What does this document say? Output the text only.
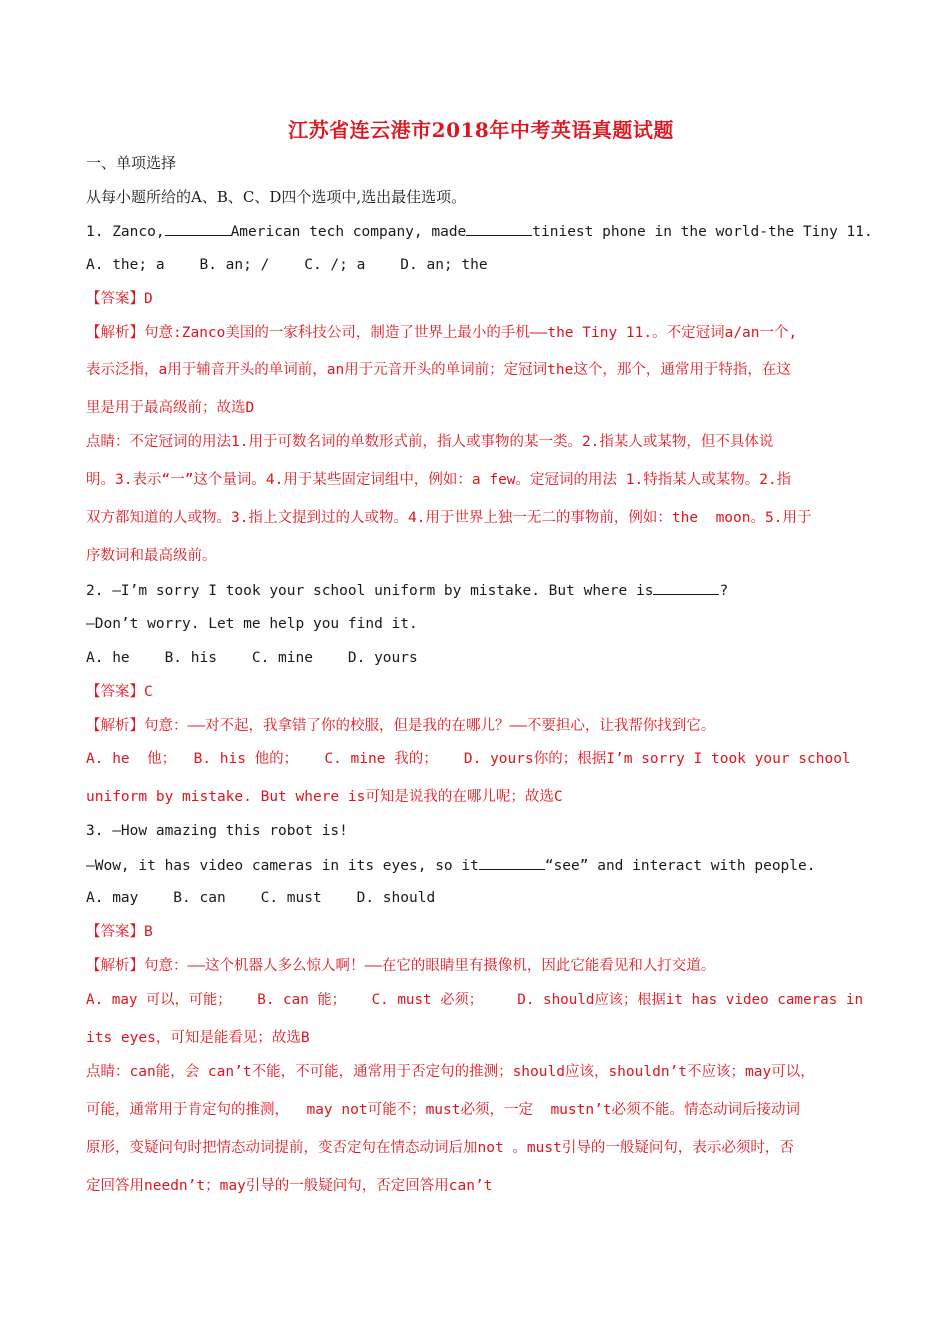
江苏省连云港市2018年中考英语真题试题
一、单项选择
从每小题所给的A、B、C、D四个选项中,选出最佳选项。
1. Zanco,	American tech company, made	tiniest phone in the world-the Tiny 11.
A. the; a    B. an; /    C. /; a    D. an; the
【答案】D
【解析】句意:Zanco美国的一家科技公司，制造了世界上最小的手机——the Tiny 11.。不定冠词a/an一个,
表示泛指，a用于辅音开头的单词前，an用于元音开头的单词前；定冠词the这个，那个，通常用于特指，在这
里是用于最高级前；故选D
点睛：不定冠词的用法1.用于可数名词的单数形式前，指人或事物的某一类。2.指某人或某物，但不具体说
明。3.表示“一”这个量词。4.用于某些固定词组中，例如：a few。定冠词的用法 1.特指某人或某物。2.指
双方都知道的人或物。3.指上文提到过的人或物。4.用于世界上独一无二的事物前，例如：the  moon。5.用于
序数词和最高级前。
2. —I’m sorry I took your school uniform by mistake. But where is	?
—Don’t worry. Let me help you find it.
A. he    B. his    C. mine    D. yours
【答案】C
【解析】句意：——对不起，我拿错了你的校服，但是我的在哪儿？——不要担心，让我帮你找到它。
A. he  他；  B. his 他的；   C. mine 我的；   D. yours你的；根据I’m sorry I took your school
uniform by mistake. But where is可知是说我的在哪儿呢；故选C
3. —How amazing this robot is!
—Wow, it has video cameras in its eyes, so it	“see” and interact with people.
A. may    B. can    C. must    D. should
【答案】B
【解析】句意：——这个机器人多么惊人啊！——在它的眼睛里有摄像机，因此它能看见和人打交道。
A. may 可以，可能；   B. can 能；   C. must 必须；    D. should应该；根据it has video cameras in
its eyes，可知是能看见；故选B
点睛：can能，会 can’t不能，不可能，通常用于否定句的推测；should应该，shouldn’t不应该；may可以，
可能，通常用于肯定句的推测，  may not可能不；must必须，一定  mustn’t必须不能。情态动词后接动词
原形，变疑问句时把情态动词提前，变否定句在情态动词后加not 。must引导的一般疑问句，表示必须时，否
定回答用needn’t；may引导的一般疑问句，否定回答用can’t
